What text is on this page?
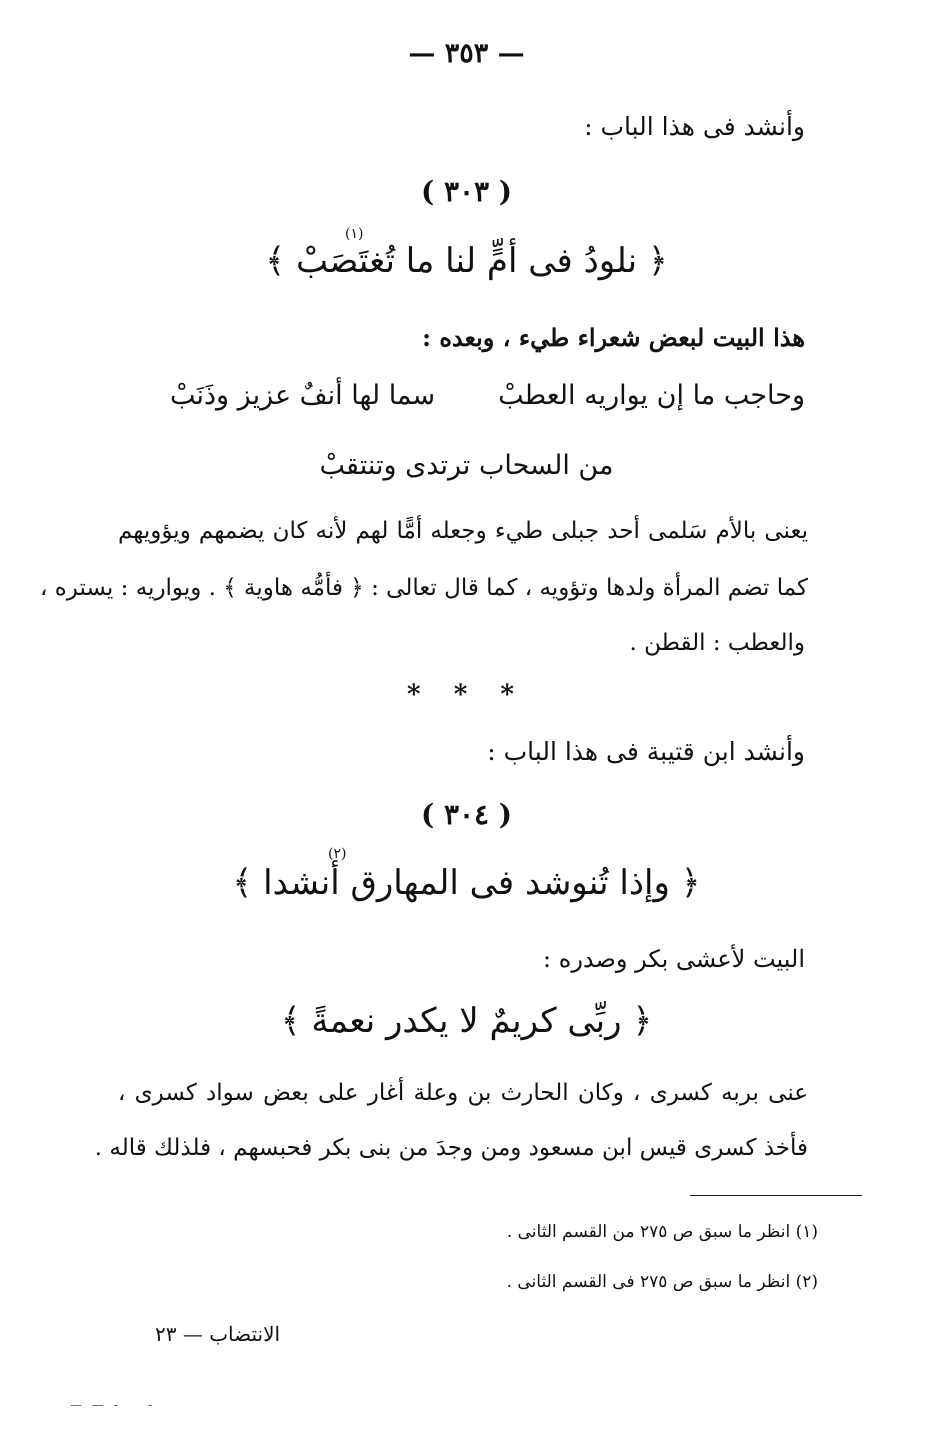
— ٣٥٣ —
وأنشد فى هذا الباب :
( ٣٠٣ )
﴿ نلودُ فى أمٍّ لنا ما تُغتَصَبْ ﴾
(١)
هذا البيت لبعض شعراء طيء ، وبعده :
وحاجب ما إن يواريه العطبْ
سما لها أنفٌ عزيز وذَنَبْ
من السحاب ترتدى وتنتقبْ
يعنى بالأم سَلمى أحد جبلى طيء وجعله أمًّا لهم لأنه كان يضمهم ويؤويهم
كما تضم المرأة ولدها وتؤويه ، كما قال تعالى : ﴿ فأمُّه هاوية ﴾ . ويواريه : يستره ،
والعطب : القطن .
* * *
وأنشد ابن قتيبة فى هذا الباب :
( ٣٠٤ )
﴿ وإذا تُنوشد فى المهارق أنشدا ﴾
(٢)
البيت لأعشى بكر وصدره :
﴿ ربِّى كريمٌ لا يكدر نعمةً ﴾
عنى بربه كسرى ، وكان الحارث بن وعلة أغار على بعض سواد كسرى ،
فأخذ كسرى قيس ابن مسعود ومن وجدَ من بنى بكر فحبسهم ، فلذلك قاله .
(١) انظر ما سبق ص ٢٧٥ من القسم الثانى .
(٢) انظر ما سبق ص ٢٧٥ فى القسم الثانى .
الانتضاب — ٢٣
— — -    -
